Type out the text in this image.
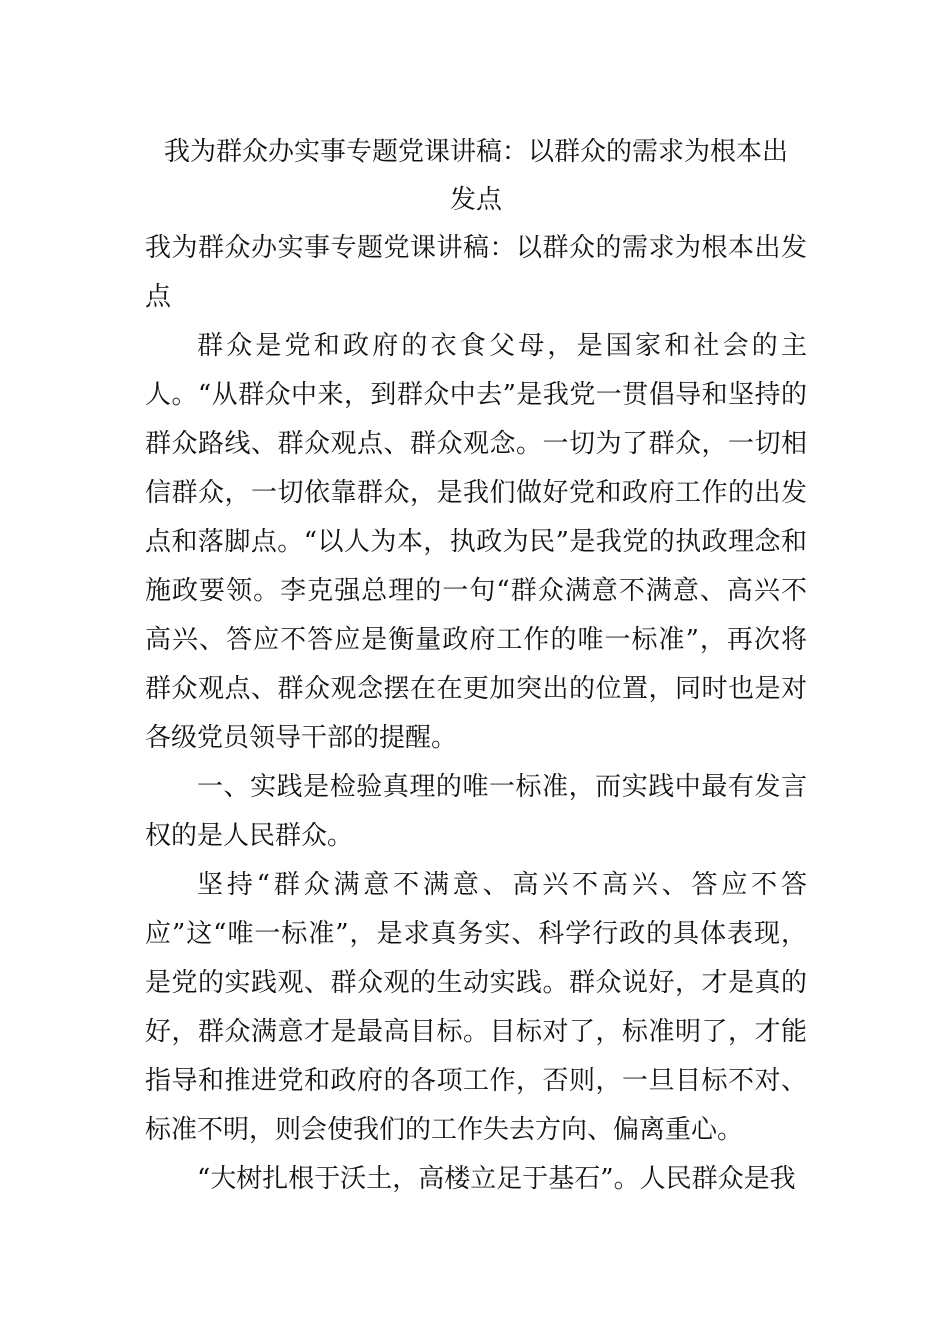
我为群众办实事专题党课讲稿：以群众的需求为根本出发点

我为群众办实事专题党课讲稿：以群众的需求为根本出发点

群众是党和政府的衣食父母，是国家和社会的主人。“从群众中来，到群众中去”是我党一贯倡导和坚持的群众路线、群众观点、群众观念。一切为了群众，一切相信群众，一切依靠群众，是我们做好党和政府工作的出发点和落脚点。“以人为本，执政为民”是我党的执政理念和施政要领。李克强总理的一句“群众满意不满意、高兴不高兴、答应不答应是衡量政府工作的唯一标准”，再次将群众观点、群众观念摆在在更加突出的位置，同时也是对各级党员领导干部的提醒。

一、实践是检验真理的唯一标准，而实践中最有发言权的是人民群众。

坚持“群众满意不满意、高兴不高兴、答应不答应”这“唯一标准”，是求真务实、科学行政的具体表现，是党的实践观、群众观的生动实践。群众说好，才是真的好，群众满意才是最高目标。目标对了，标准明了，才能指导和推进党和政府的各项工作，否则，一旦目标不对、标准不明，则会使我们的工作失去方向、偏离重心。

“大树扎根于沃土，高楼立足于基石”。人民群众是我
